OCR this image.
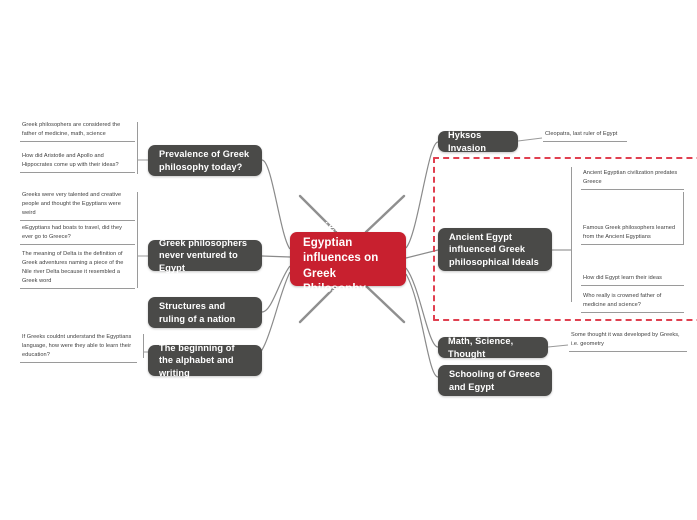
Ancient Egyptian influences on Greek Philosophy
Prevalence of Greek philosophy today?
Greek philosophers never ventured to Egypt
Structures and ruling of a nation
The beginning of the alphabet and writing
Hyksos Invasion
Ancient Egypt influenced Greek philosophical Ideals
Math, Science, Thought
Schooling of Greece and Egypt
Greek philosophers are considered the father of medicine, math, science
How did Aristotle and Apollo and Hippocrates come up with their ideas?
Greeks were very talented and creative people and thought the Egyptians were weird
eEgyptians had boats to travel, did they ever go to Greece?
The meaning of Delta is the definition of Greek adventures naming a piece of the Nile river Delta because it resembled a Greek word
If Greeks couldnt understand the Egyptians language, how were they able to learn their education?
Cleopatra, last ruler of Egypt
Ancient Egyptian civilization predates Greece
Famous Greek philosophers learned from the Ancient Egyptians
How did Egypt learn their ideas
Who really is crowned father of medicine and science?
Some thought it was developed by Greeks, i.e. geometry
